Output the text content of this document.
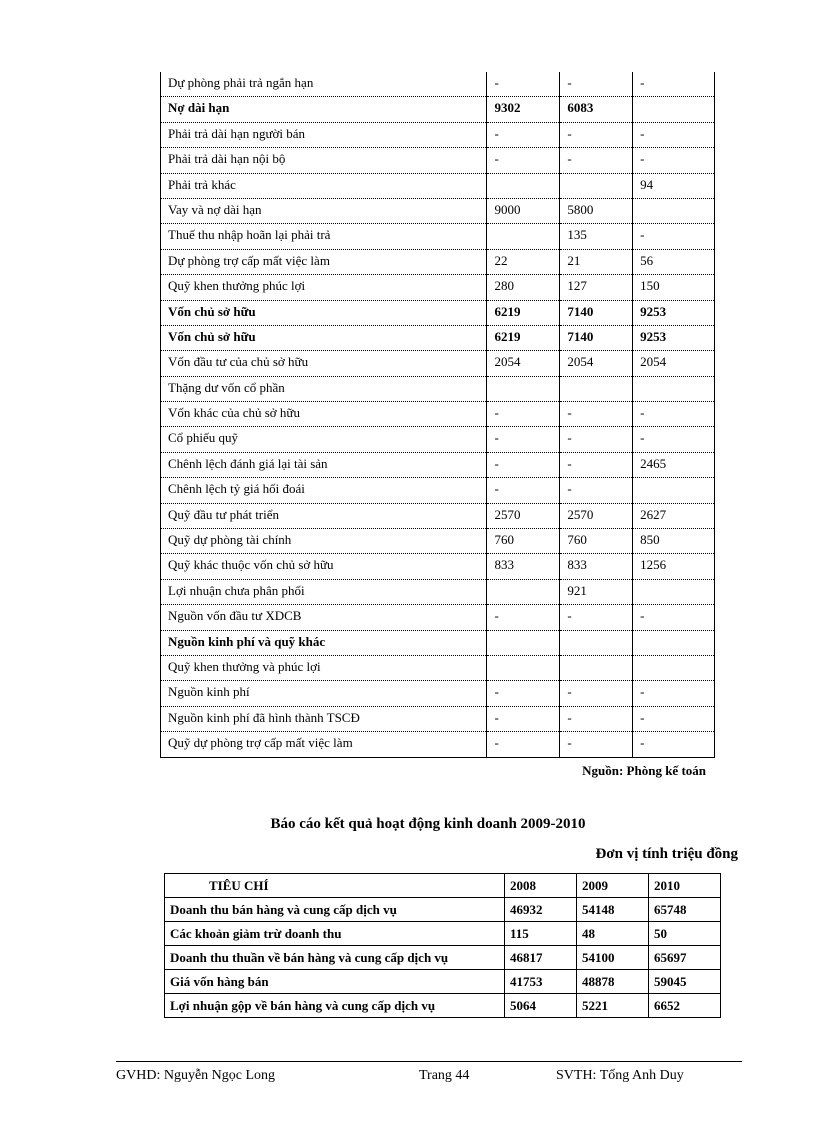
Dự phòng phải trả ngắn hạn	-	-	-
Nợ dài hạn	9302	6083	
Phải trả dài hạn người bán	-	-	-
Phải trả dài hạn nội bộ	-	-	-
Phải trả khác			94
Vay và nợ dài hạn	9000	5800	
Thuế thu nhập hoãn lại phải trả		135	-
Dự phòng trợ cấp mất việc làm	22	21	56
Quỹ khen thưởng phúc lợi	280	127	150
Vốn chủ sở hữu	6219	7140	9253
Vốn chủ sở hữu	6219	7140	9253
Vốn đầu tư của chủ sở hữu	2054	2054	2054
Thặng dư vốn cổ phần			
Vốn khác của chủ sở hữu	-	-	-
Cổ phiếu quỹ	-	-	-
Chênh lệch đánh giá lại tài sản	-	-	2465
Chênh lệch tỷ giá hối đoái	-	-	
Quỹ đầu tư phát triển	2570	2570	2627
Quỹ dự phòng tài chính	760	760	850
Quỹ khác thuộc vốn chủ sở hữu	833	833	1256
Lợi nhuận chưa phân phối		921	
Nguồn vốn đầu tư XDCB	-	-	-
Nguồn kinh phí và quỹ khác			
Quỹ khen thưởng và phúc lợi			
Nguồn kinh phí	-	-	-
Nguồn kinh phí đã hình thành TSCĐ	-	-	-
Quỹ dự phòng trợ cấp mất việc làm	-	-	-
Nguồn: Phòng kế toán
Báo cáo kết quả hoạt động kinh doanh 2009-2010
Đơn vị tính triệu đồng
TIÊU CHÍ	2008	2009	2010
Doanh thu bán hàng và cung cấp dịch vụ	46932	54148	65748
Các khoản giảm trừ doanh thu	115	48	50
Doanh thu thuần về bán hàng và cung cấp dịch vụ	46817	54100	65697
Giá vốn hàng bán	41753	48878	59045
Lợi nhuận gộp về bán hàng và cung cấp dịch vụ	5064	5221	6652
GVHD: Nguyễn Ngọc Long	Trang 44	SVTH: Tống Anh Duy
